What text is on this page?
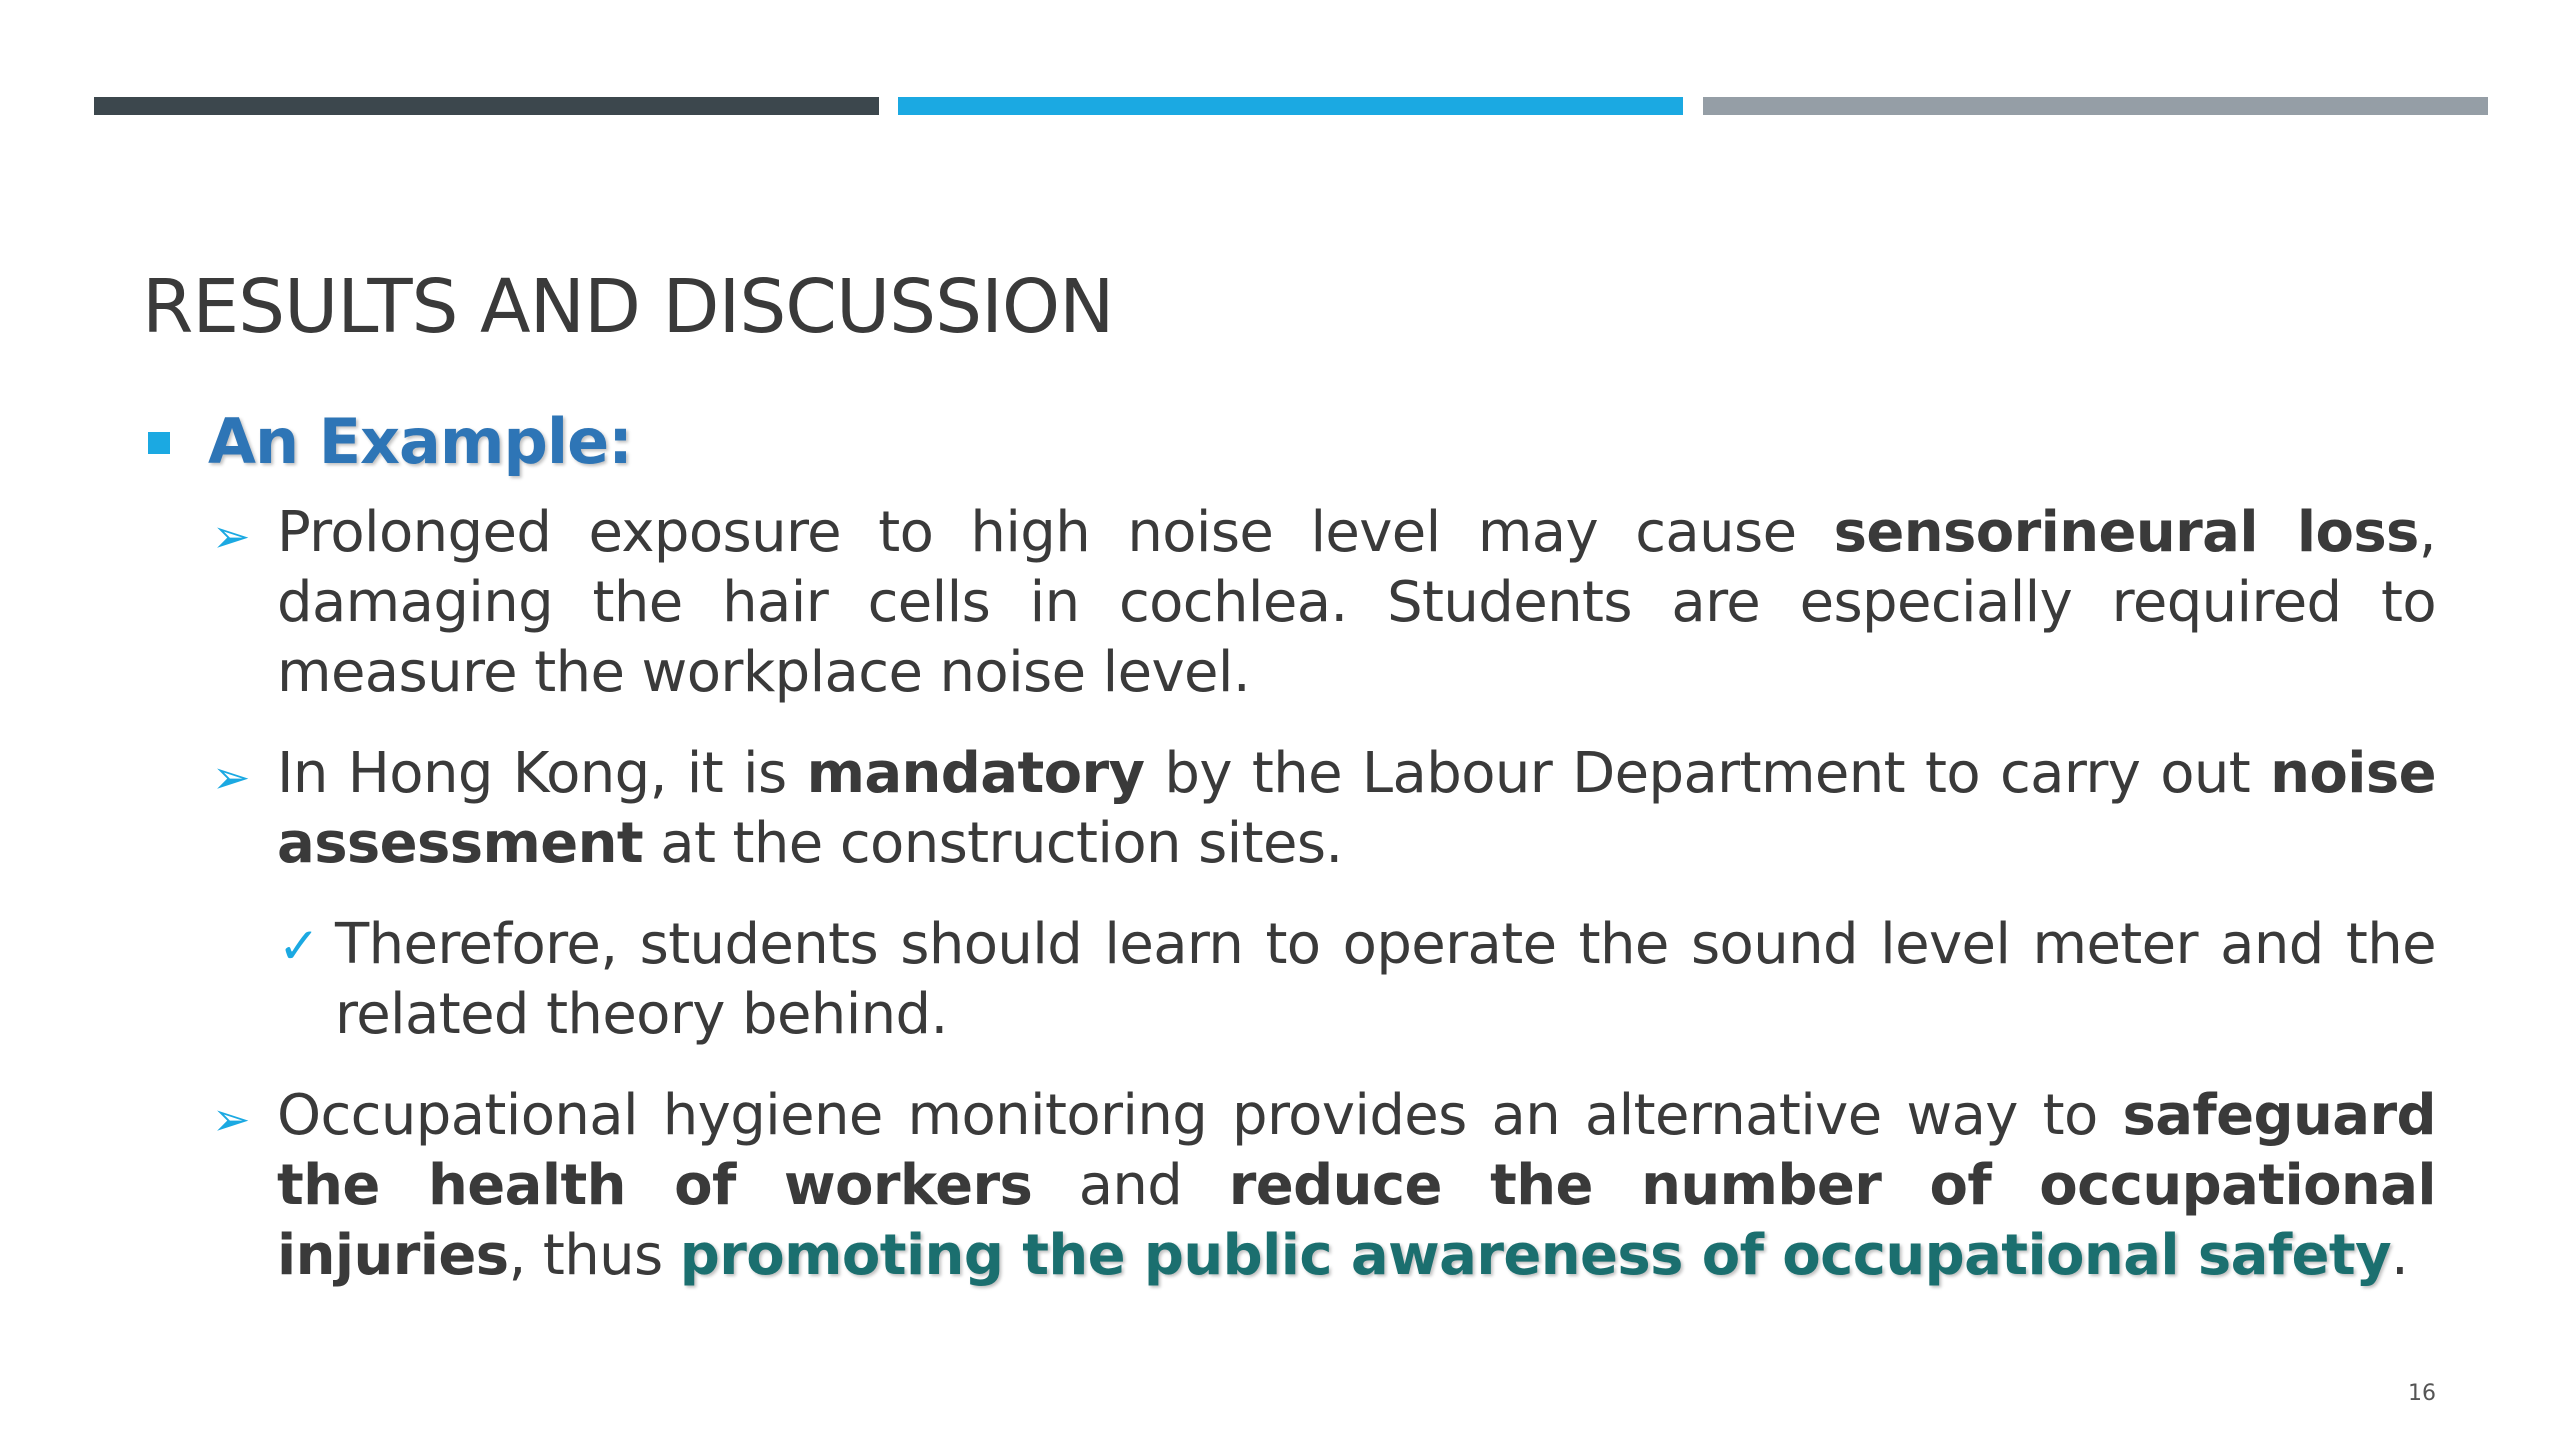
RESULTS AND DISCUSSION
An Example:
➢ Prolonged exposure to high noise level may cause sensorineural loss, damaging the hair cells in cochlea. Students are especially required to measure the workplace noise level.
➢ In Hong Kong, it is mandatory by the Labour Department to carry out noise assessment at the construction sites.
✓ Therefore, students should learn to operate the sound level meter and the related theory behind.
➢ Occupational hygiene monitoring provides an alternative way to safeguard the health of workers and reduce the number of occupational injuries, thus promoting the public awareness of occupational safety.
16
